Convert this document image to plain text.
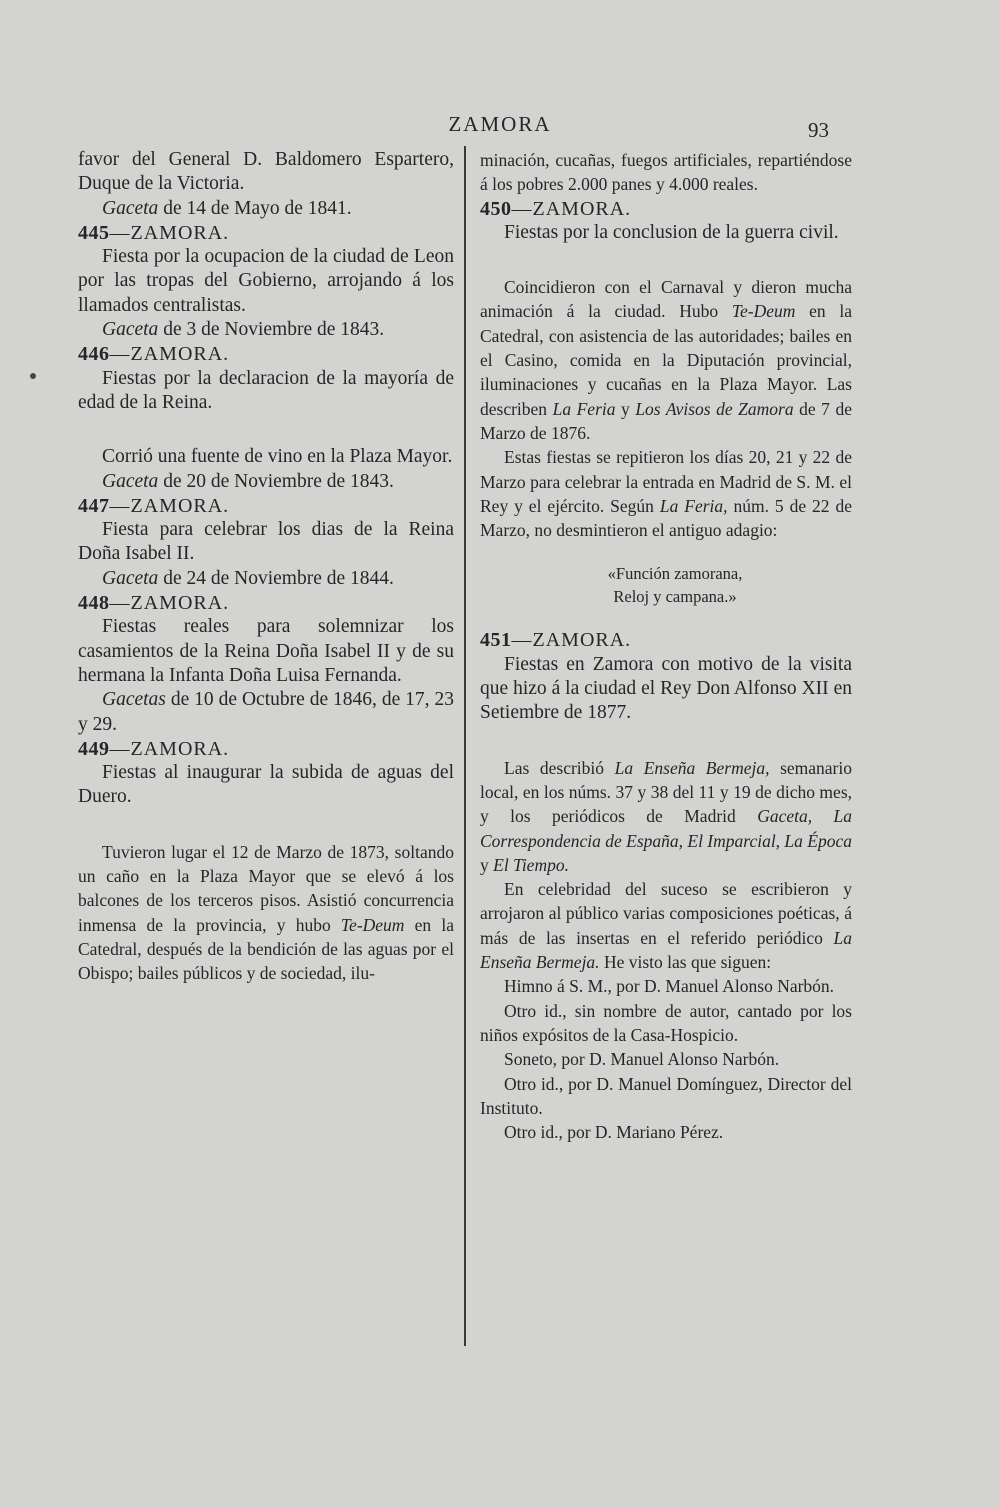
ZAMORA	93

favor del General D. Baldomero Espartero, Duque de la Victoria.

Gaceta de 14 de Mayo de 1841.

445—ZAMORA.

Fiesta por la ocupacion de la ciudad de Leon por las tropas del Gobierno, arrojando á los llamados centralistas.

Gaceta de 3 de Noviembre de 1843.

446—ZAMORA.

Fiestas por la declaracion de la mayoría de edad de la Reina.

Corrió una fuente de vino en la Plaza Mayor.

Gaceta de 20 de Noviembre de 1843.

447—ZAMORA.

Fiesta para celebrar los dias de la Reina Doña Isabel II.

Gaceta de 24 de Noviembre de 1844.

448—ZAMORA.

Fiestas reales para solemnizar los casamientos de la Reina Doña Isabel II y de su hermana la Infanta Doña Luisa Fernanda.

Gacetas de 10 de Octubre de 1846, de 17, 23 y 29.

449—ZAMORA.

Fiestas al inaugurar la subida de aguas del Duero.

Tuvieron lugar el 12 de Marzo de 1873, soltando un caño en la Plaza Mayor que se elevó á los balcones de los terceros pisos. Asistió concurrencia inmensa de la provincia, y hubo Te-Deum en la Catedral, después de la bendición de las aguas por el Obispo; bailes públicos y de sociedad, ilu-

minación, cucañas, fuegos artificiales, repartiéndose á los pobres 2.000 panes y 4.000 reales.

450—ZAMORA.

Fiestas por la conclusion de la guerra civil.

Coincidieron con el Carnaval y dieron mucha animación á la ciudad. Hubo Te-Deum en la Catedral, con asistencia de las autoridades; bailes en el Casino, comida en la Diputación provincial, iluminaciones y cucañas en la Plaza Mayor. Las describen La Feria y Los Avisos de Zamora de 7 de Marzo de 1876.

Estas fiestas se repitieron los días 20, 21 y 22 de Marzo para celebrar la entrada en Madrid de S. M. el Rey y el ejército. Según La Feria, núm. 5 de 22 de Marzo, no desmintieron el antiguo adagio:

«Función zamorana,

Reloj y campana.»

451—ZAMORA.

Fiestas en Zamora con motivo de la visita que hizo á la ciudad el Rey Don Alfonso XII en Setiembre de 1877.

Las describió La Enseña Bermeja, semanario local, en los núms. 37 y 38 del 11 y 19 de dicho mes, y los periódicos de Madrid Gaceta, La Correspondencia de España, El Imparcial, La Época y El Tiempo.

En celebridad del suceso se escribieron y arrojaron al público varias composiciones poéticas, á más de las insertas en el referido periódico La Enseña Bermeja. He visto las que siguen:

Himno á S. M., por D. Manuel Alonso Narbón.

Otro id., sin nombre de autor, cantado por los niños expósitos de la Casa-Hospicio.

Soneto, por D. Manuel Alonso Narbón.

Otro id., por D. Manuel Domínguez, Director del Instituto.

Otro id., por D. Mariano Pérez.
